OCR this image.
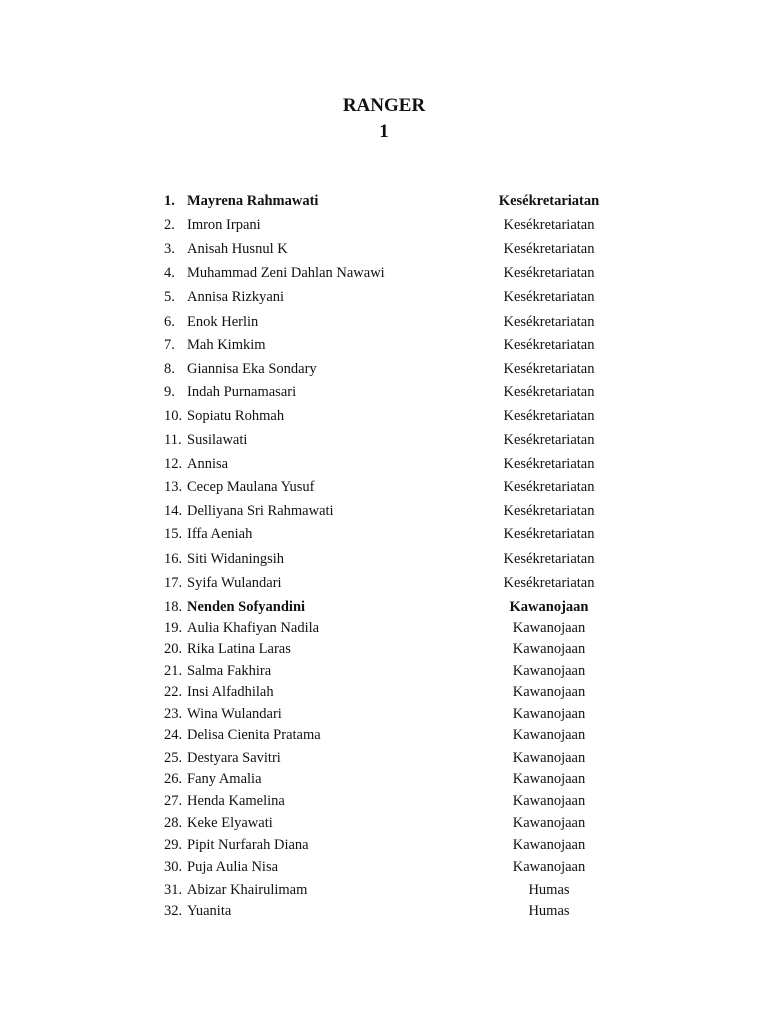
RANGER
1
1. Mayrena Rahmawati	Kesékretariatan
2. Imron Irpani	Kesékretariatan
3. Anisah Husnul K	Kesékretariatan
4. Muhammad Zeni Dahlan Nawawi	Kesékretariatan
5. Annisa Rizkyani	Kesékretariatan
6. Enok Herlin	Kesékretariatan
7. Mah Kimkim	Kesékretariatan
8. Giannisa Eka Sondary	Kesékretariatan
9. Indah Purnamasari	Kesékretariatan
10. Sopiatu Rohmah	Kesékretariatan
11. Susilawati	Kesékretariatan
12. Annisa	Kesékretariatan
13. Cecep Maulana Yusuf	Kesékretariatan
14. Delliyana Sri Rahmawati	Kesékretariatan
15. Iffa Aeniah	Kesékretariatan
16. Siti Widaningsih	Kesékretariatan
17. Syifa Wulandari	Kesékretariatan
18. Nenden Sofyandini	Kawanojaan
19. Aulia Khafiyan Nadila	Kawanojaan
20. Rika Latina Laras	Kawanojaan
21. Salma Fakhira	Kawanojaan
22. Insi Alfadhilah	Kawanojaan
23. Wina Wulandari	Kawanojaan
24. Delisa Cienita Pratama	Kawanojaan
25. Destyara Savitri	Kawanojaan
26. Fany Amalia	Kawanojaan
27. Henda Kamelina	Kawanojaan
28. Keke Elyawati	Kawanojaan
29. Pipit Nurfarah Diana	Kawanojaan
30. Puja Aulia Nisa	Kawanojaan
31. Abizar Khairulimam	Humas
32. Yuanita	Humas
